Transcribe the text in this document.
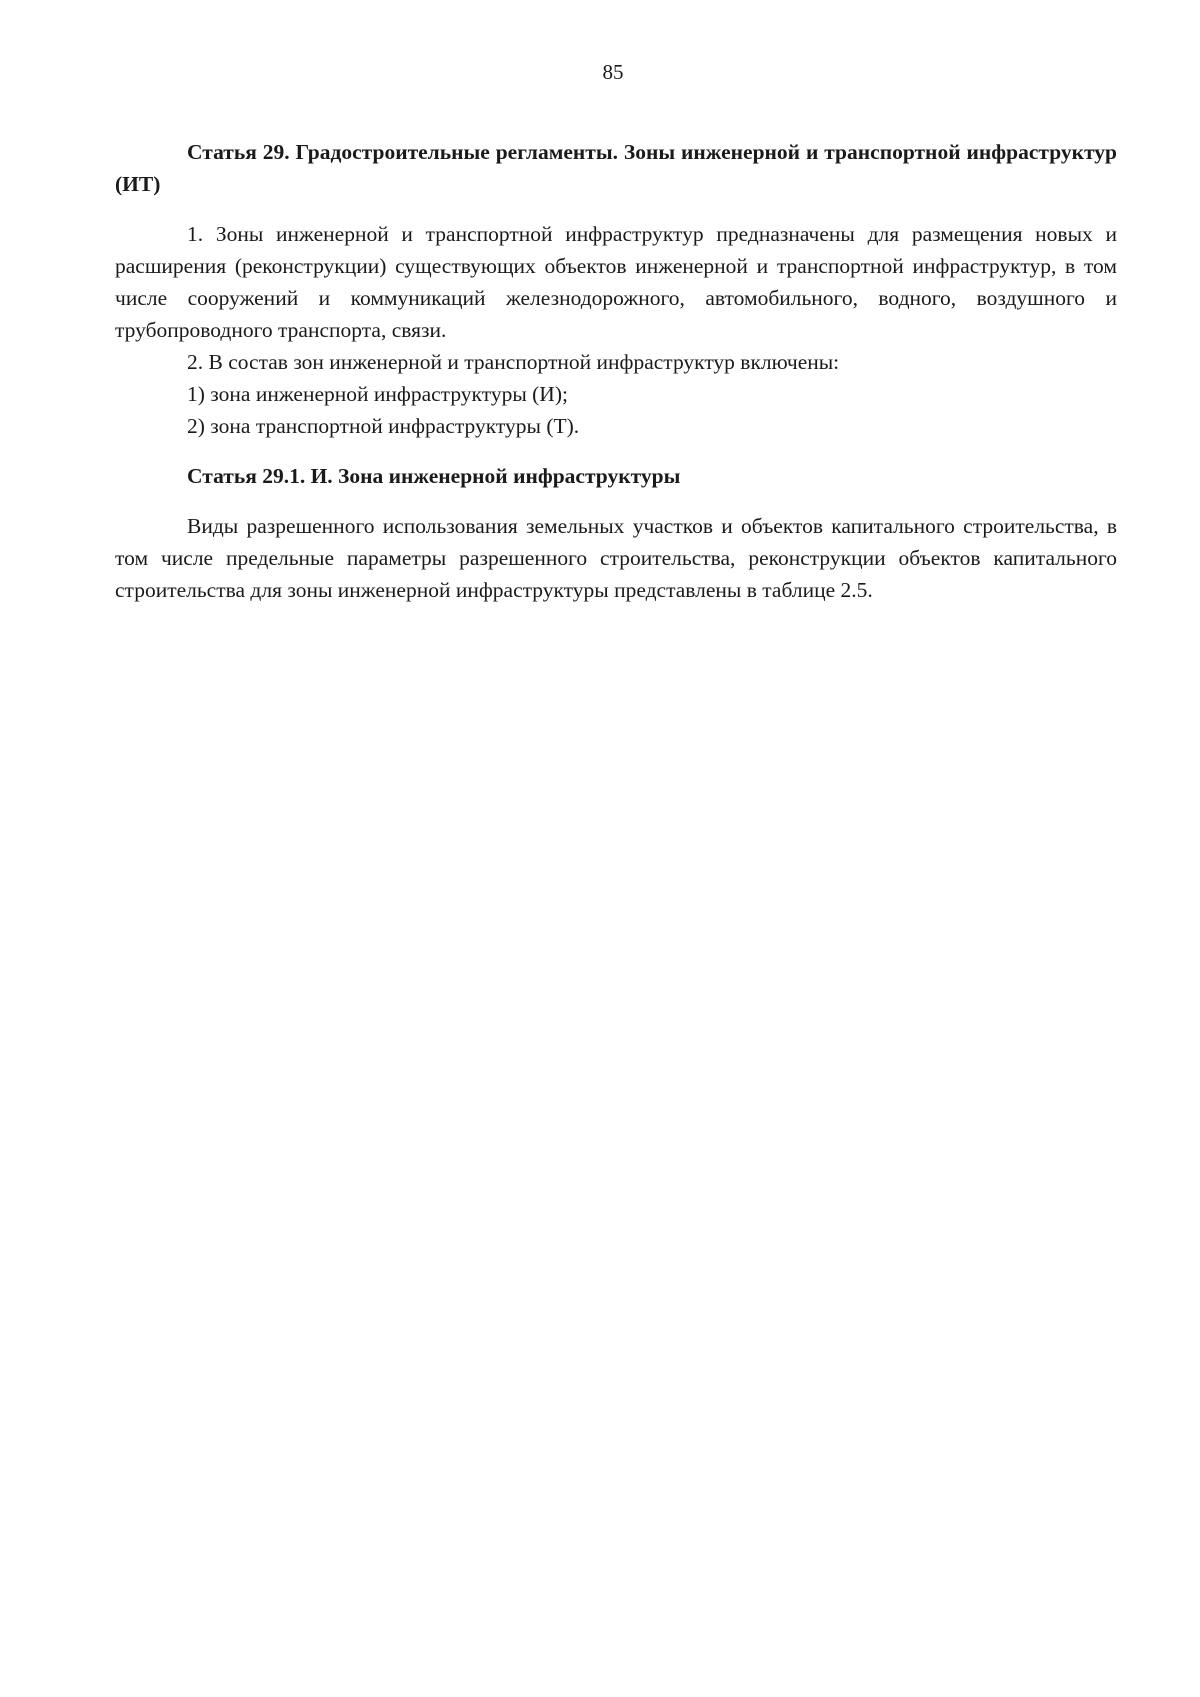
85

Статья 29. Градостроительные регламенты. Зоны инженерной и транспортной инфраструктур (ИТ)

1. Зоны инженерной и транспортной инфраструктур предназначены для размещения новых и расширения (реконструкции) существующих объектов инженерной и транспортной инфраструктур, в том числе сооружений и коммуникаций железнодорожного, автомобильного, водного, воздушного и трубопроводного транспорта, связи.

2. В состав зон инженерной и транспортной инфраструктур включены:

1) зона инженерной инфраструктуры (И);

2) зона транспортной инфраструктуры (Т).

Статья 29.1. И. Зона инженерной инфраструктуры

Виды разрешенного использования земельных участков и объектов капитального строительства, в том числе предельные параметры разрешенного строительства, реконструкции объектов капитального строительства для зоны инженерной инфраструктуры представлены в таблице 2.5.
